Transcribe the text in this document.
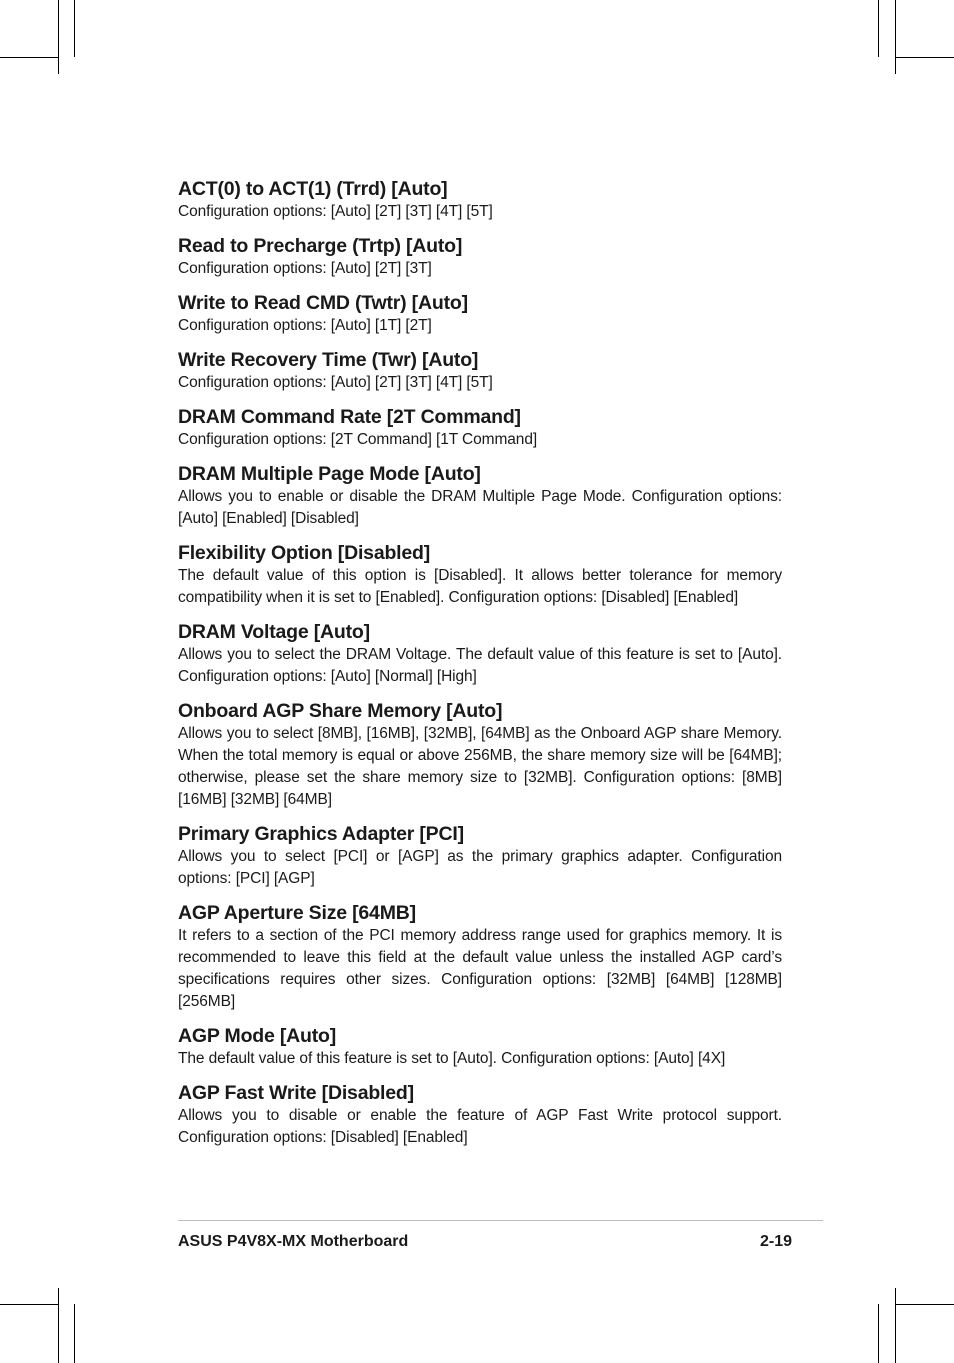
ACT(0) to ACT(1) (Trrd) [Auto]

Configuration options: [Auto] [2T] [3T] [4T] [5T]

Read to Precharge (Trtp) [Auto]

Configuration options: [Auto] [2T] [3T]

Write to Read CMD (Twtr) [Auto]

Configuration options: [Auto] [1T] [2T]

Write Recovery Time (Twr) [Auto]

Configuration options: [Auto] [2T] [3T] [4T] [5T]

DRAM Command Rate [2T Command]

Configuration options: [2T Command] [1T Command]

DRAM Multiple Page Mode [Auto]

Allows you to enable or disable the DRAM Multiple Page Mode. Configuration options: [Auto] [Enabled] [Disabled]

Flexibility Option [Disabled]

The default value of this option is [Disabled]. It allows better tolerance for memory compatibility when it is set to [Enabled]. Configuration options: [Disabled] [Enabled]

DRAM Voltage [Auto]

Allows you to select the DRAM Voltage. The default value of this feature is set to [Auto]. Configuration options: [Auto] [Normal] [High]

Onboard AGP Share Memory [Auto]

Allows you to select [8MB], [16MB], [32MB], [64MB] as the Onboard AGP share Memory. When the total memory is equal or above 256MB, the share memory size will be [64MB]; otherwise, please set the share memory size to [32MB]. Configuration options: [8MB] [16MB] [32MB] [64MB]

Primary Graphics Adapter [PCI]

Allows you to select [PCI] or [AGP] as the primary graphics adapter. Configuration options: [PCI] [AGP]

AGP Aperture Size [64MB]

It refers to a section of the PCI memory address range used for graphics memory. It is recommended to leave this field at the default value unless the installed AGP card’s specifications requires other sizes. Configuration options: [32MB] [64MB] [128MB] [256MB]

AGP Mode [Auto]

The default value of this feature is set to [Auto]. Configuration options: [Auto] [4X]

AGP Fast Write [Disabled]

Allows you to disable or enable the feature of AGP Fast Write protocol support. Configuration options: [Disabled] [Enabled]

ASUS P4V8X-MX Motherboard	2-19
